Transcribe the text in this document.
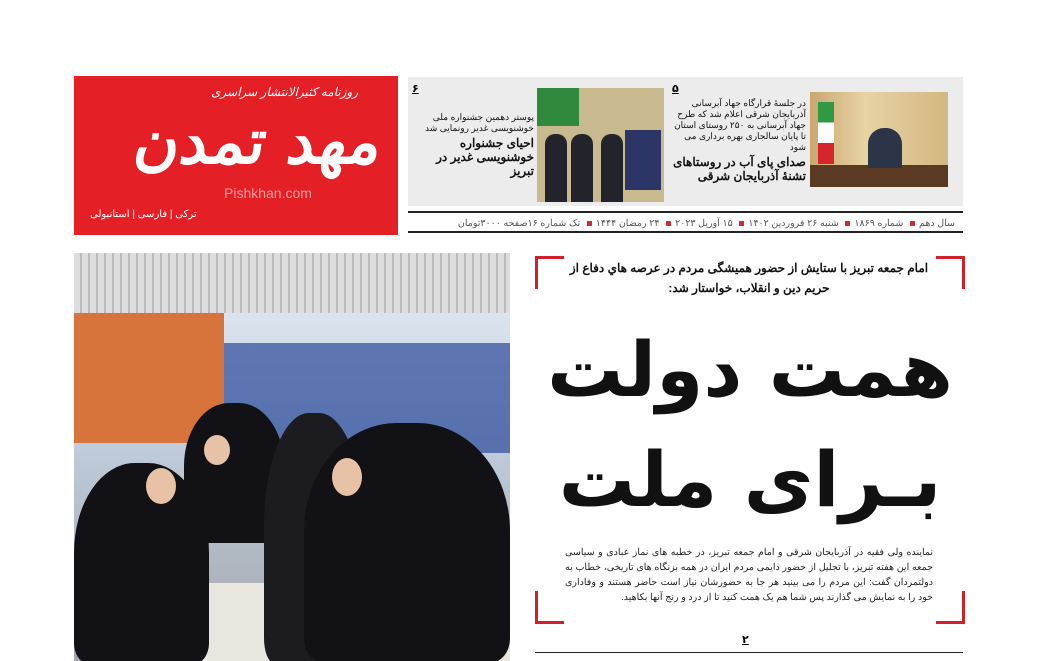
روزنامه کثیرالانتشار سراسری
مهد تمدن
Pishkhan.com
ترکی | فارسی | استانبولی
۵
در جلسۀ قرارگاه جهاد آبرسانی آذربایجان شرقی اعلام شد که طرح جهاد آبرسانی به ۲۵۰ روستای استان تا پایان سالجاری بهره برداری می شود
صدای پای آب در روستاهای تشنۀ آذربایجان شرقی
۶
پوستر دهمین جشنواره ملی خوشنویسی غدیر رونمایی شد
احیای جشنواره خوشنویسی غدیر در تبریز
سال دهم شماره ۱۸۶۹ شنبه ۲۶ فروردین ۱۴۰۲ ۱۵ آوریل ۲۰۲۳ ۲۴ رمضان ۱۴۴۴ تک شماره ۱۶صفحه ۳۰۰۰تومان
امام جمعه تبریز با ستایش از حضور همیشگی مردم در عرصه هاي دفاع از حریم دین و انقلاب، خواستار شد:
همت دولت
بـرای ملت
نماینده ولی فقیه در آذربایجان شرقی و امام جمعه تبریز، در خطبه های نماز عبادی و سیاسی جمعه این هفته تبریز، با تجلیل از حضور دایمی مردم ایران در همه بزنگاه های تاریخی، خطاب به دولتمردان گفت: این مردم را می بینید هر جا به حضورشان نیاز است حاضر هستند و وفاداری خود را به نمایش می گذارند پس شما هم یک همت کنید تا از درد و رنج آنها بکاهید.
۲
